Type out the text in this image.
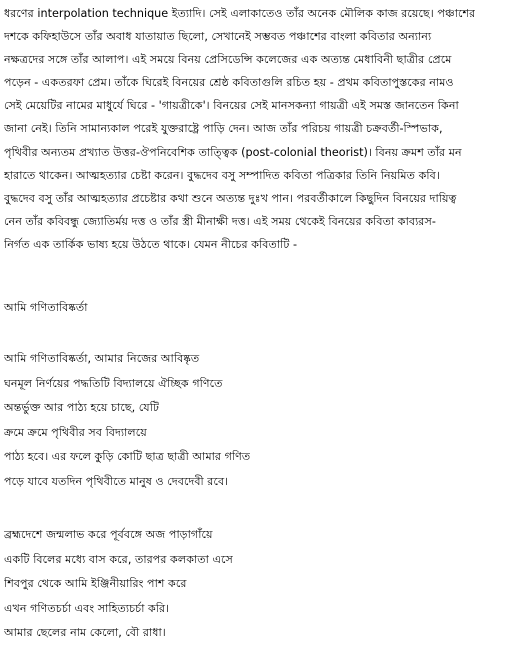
ধরণের interpolation technique ইত্যাদি। সেই এলাকাতেও তাঁর অনেক মৌলিক কাজ রয়েছে। পঞ্চাশের
দশকে কফিহাউসে তাঁর অবাধ যাতায়াত ছিলো, সেখানেই সম্ভবত পঞ্চাশের বাংলা কবিতার অন্যান্য
নক্ষত্রদের সঙ্গে তাঁর আলাপ। এই সময়ে বিনয় প্রেসিডেন্সি কলেজের এক অত্যন্ত মেধাবিনী ছাত্রীর প্রেমে
পড়েন - একতরফা প্রেম। তাঁকে ঘিরেই বিনয়ের শ্রেষ্ঠ কবিতাগুলি রচিত হয় - প্রথম কবিতাপুস্তকের নামও
সেই মেয়েটির নামের মাধুর্যে ঘিরে - 'গায়ত্রীকে'। বিনয়ের সেই মানসকন্যা গায়ত্রী এই সমস্ত জানতেন কিনা
জানা নেই। তিনি সামান্যকাল পরেই যুক্তরাষ্ট্রে পাড়ি দেন। আজ তাঁর পরিচয় গায়ত্রী চক্রবর্তী-স্পিভাক,
পৃথিবীর অন্যতম প্রখ্যাত উত্তর-ঔপনিবেশিক তাত্ত্বিক (post-colonial theorist)। বিনয় ক্রমশ তাঁর মন
হারাতে থাকেন। আত্মহত্যার চেষ্টা করেন। বুদ্ধদেব বসু সম্পাদিত কবিতা পত্রিকার তিনি নিয়মিত কবি।
বুদ্ধদেব বসু তাঁর আত্মহত্যার প্রচেষ্টার কথা শুনে অত্যন্ত দুঃখ পান। পরবর্তীকালে কিছুদিন বিনয়ের দায়িত্ব
নেন তাঁর কবিবন্ধু জ্যোতির্ময় দত্ত ও তাঁর স্ত্রী মীনাক্ষী দত্ত। এই সময় থেকেই বিনয়ের কবিতা কাব্যরস-
নির্গত এক তার্কিক ভাষ্য হয়ে উঠতে থাকে। যেমন নীচের কবিতাটি -
আমি গণিতাবিষ্কর্তা
আমি গণিতাবিষ্কর্তা, আমার নিজের আবিষ্কৃত
ঘনমূল নির্ণয়ের পদ্ধতিটি বিদ্যালয়ে ঐচ্ছিক গণিতে
অন্তর্ভুক্ত আর পাঠ্য হয়ে চাছে, যেটি
ক্রমে ক্রমে পৃথিবীর সব বিদ্যালয়ে
পাঠ্য হবে। এর ফলে কুড়ি কোটি ছাত্র ছাত্রী আমার গণিত
পড়ে যাবে যতদিন পৃথিবীতে মানুষ ও দেবদেবী রবে।
ব্রহ্মদেশে জন্মলাভ করে পূর্ববঙ্গে অজ পাড়াগাঁয়ে
একটি বিলের মধ্যে বাস করে, তারপর কলকাতা এসে
শিবপুর থেকে আমি ইঞ্জিনীয়ারিং পাশ করে
এখন গণিতচর্চা এবং সাহিত্যচর্চা করি।
আমার ছেলের নাম কেলো, বৌ রাধা।
